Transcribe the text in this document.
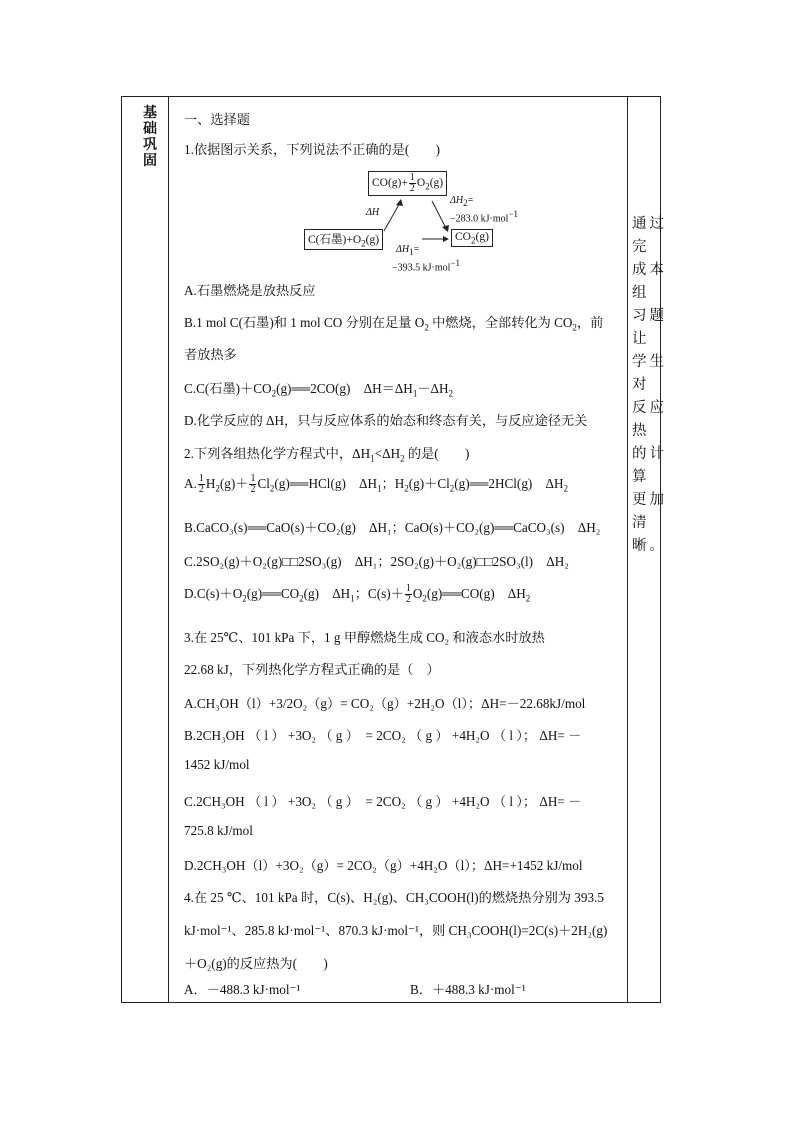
基
础
巩
固
一、选择题
1.依据图示关系，下列说法不正确的是(　　)
$CO(g)+ \frac{1}{2} O_2(g)$
ΔH
$\Delta H_2=$
−283.0 kJ·mol$^{-1}$
C(石墨)$+O_2(g)$	$CO_2(g)$
$\Delta H_1=$
−393.5 kJ·mol$^{-1}$
A.石墨燃烧是放热反应
B.1 mol C(石墨)和 1 mol CO 分别在足量 $O_2$ 中燃烧，全部转化为 $CO_2$，前
者放热多
C.C(石墨)$+CO_2(g)══2CO(g)$　$\Delta H=\Delta H_1-\Delta H_2$
D.化学反应的 ΔH，只与反应体系的始态和终态有关，与反应途径无关
2.下列各组热化学方程式中，$\Delta H_1<\Delta H_2$ 的是(　　)
A. $\frac{1}{2} H_2(g)+ \frac{1}{2}$ $Cl_2(g)══HCl(g)$　$\Delta H_1$；$H_2(g)+Cl_2(g)══2HCl(g)$　$\Delta H_2$
B.CaCO₃(s)══CaO(s)＋CO₂(g)　ΔH₁；CaO(s)＋CO₂(g)══CaCO₃(s)　ΔH₂
C.2SO₂(g)＋O₂(g)□□2SO₃(g)　ΔH₁；2SO₂(g)＋O₂(g)□□2SO₃(l)　ΔH₂
$D.C(s)+O_2(g)══CO_2(g)$　$\Delta H_1$；$C(s)+ \frac{1}{2}$ $O_2(g)══CO(g)$　$\Delta H_2$
3.在 25℃、101 kPa 下，1 g 甲醇燃烧生成 CO₂ 和液态水时放热
22.68 kJ，下列热化学方程式正确的是（　）
A.CH₃OH（l）+3/2O₂（g）= CO₂（g）+2H₂O（l）；ΔH=－22.68kJ/mol
B.2CH₃OH （ l ） +3O₂ （ g ）　= 2CO₂ （ g ） +4H₂O （ l ）； ΔH= －
1452 kJ/mol
C.2CH₃OH （ l ） +3O₂ （ g ）　= 2CO₂ （ g ） +4H₂O （ l ）； ΔH= －
725.8 kJ/mol
D.2CH₃OH（l）+3O₂（g）= 2CO₂（g）+4H₂O（l）；ΔH=+1452 kJ/mol
4.在 25 ℃、101 kPa 时，C(s)、H₂(g)、CH₃COOH(l)的燃烧热分别为 393.5
kJ·mol⁻¹、285.8 kJ·mol⁻¹、870.3 kJ·mol⁻¹，则 CH₃COOH(l)=2C(s)＋2H₂(g)
＋O₂(g)的反应热为(　　)
A．－488.3 kJ·mol⁻¹	B．＋488.3 kJ·mol⁻¹
通过完
成本组
习题让
学生对
反应热
的计算
更加清
晰。
